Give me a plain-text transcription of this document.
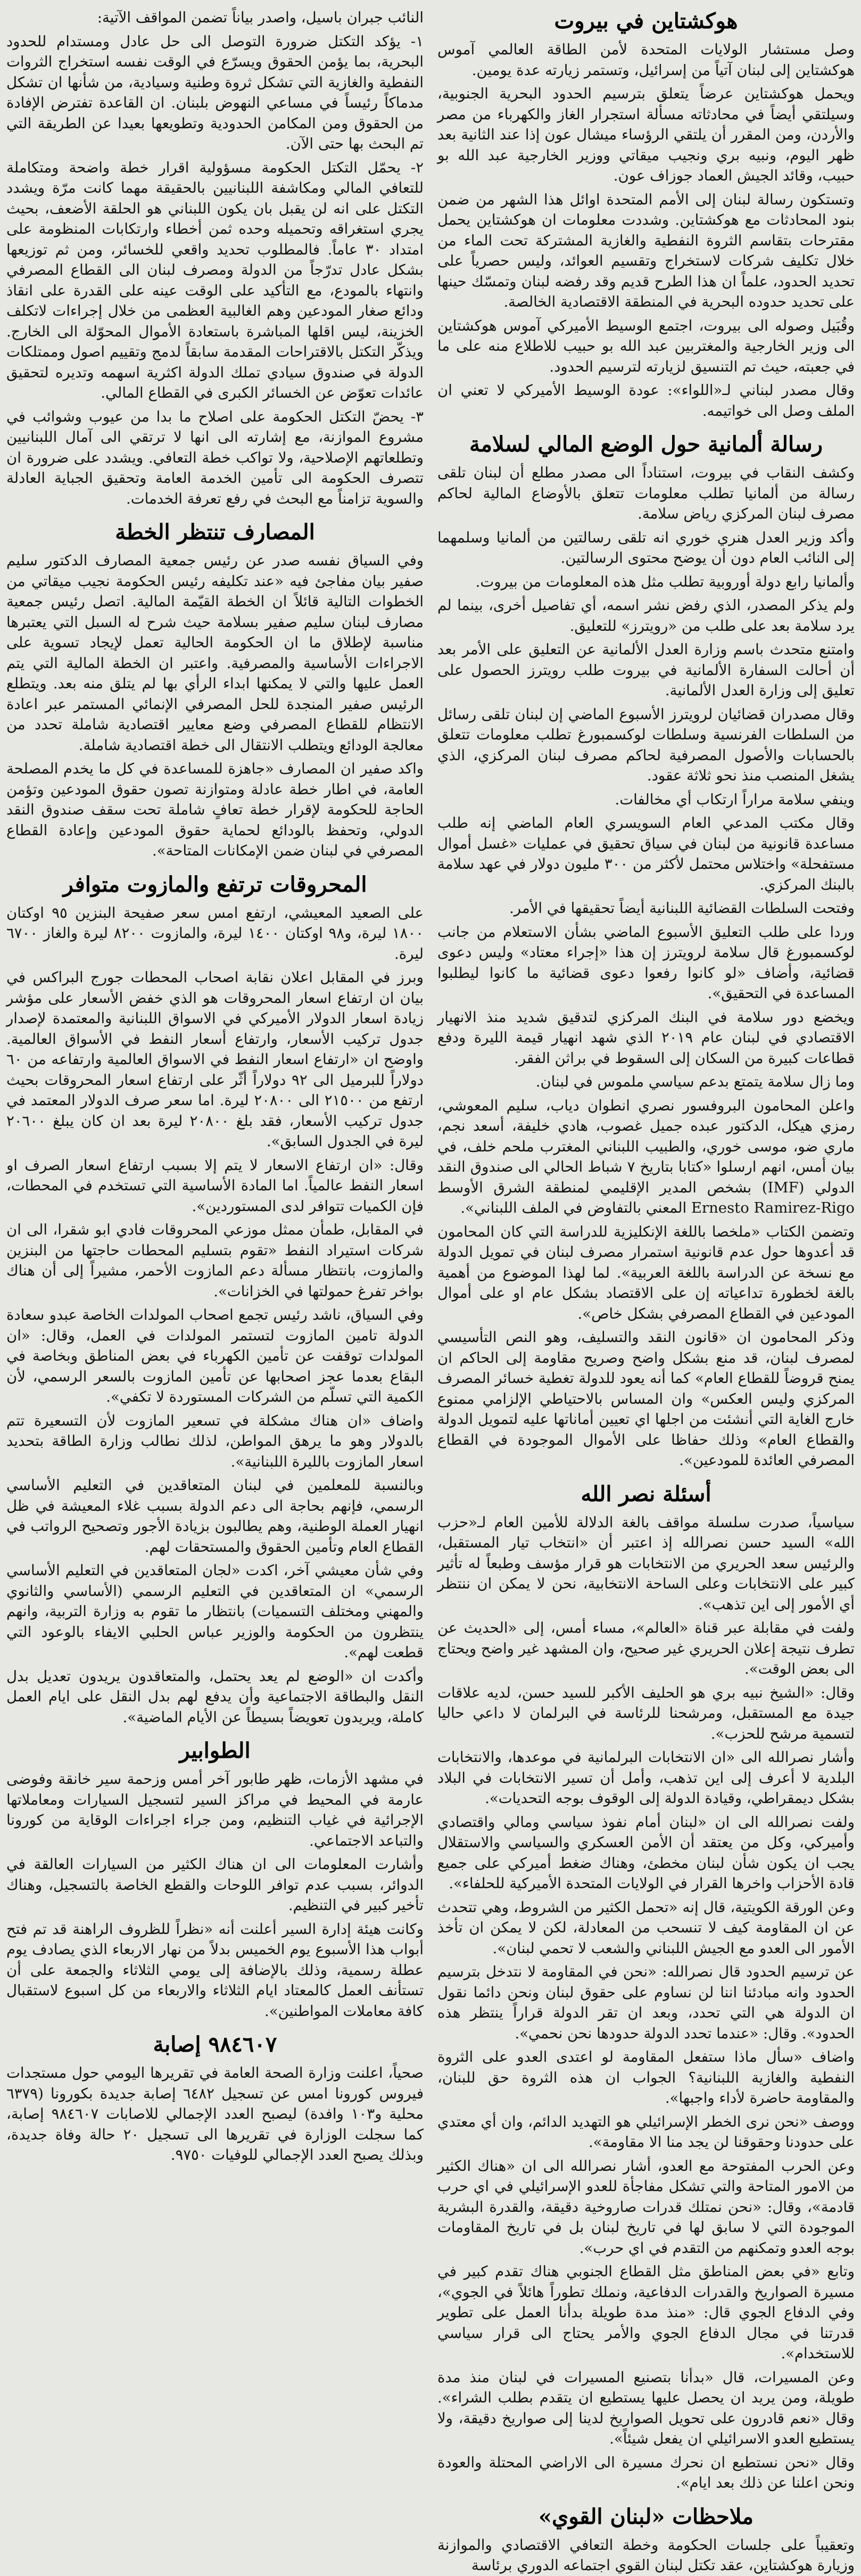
هوكشتاين في بيروت

وصل مستشار الولايات المتحدة لأمن الطاقة العالمي آموس هوكشتاين إلى لبنان آتياً من إسرائيل، وتستمر زيارته عدة يومين.

ويحمل هوكشتاين عرضاً يتعلق بترسيم الحدود البحرية الجنوبية، وسيلتقي أيضاً في محادثاته مسألة استجرار الغاز والكهرباء من مصر والأردن، ومن المقرر أن يلتقي الرؤساء ميشال عون إذا عند الثانية بعد ظهر اليوم، ونبيه بري ونجيب ميقاتي ووزير الخارجية عبد الله بو حبيب، وقائد الجيش العماد جوزاف عون.

وتستكون رسالة لبنان إلى الأمم المتحدة اوائل هذا الشهر من ضمن بنود المحادثات مع هوكشتاين. وشددت معلومات ان هوكشتاين يحمل مقترحات بتقاسم الثروة النفطية والغازية المشتركة تحت الماء من خلال تكليف شركات لاستخراج وتقسيم العوائد، وليس حصرياً على تحديد الحدود، علماً ان هذا الطرح قديم وقد رفضه لبنان وتمسّك حينها على تحديد حدوده البحرية في المنطقة الاقتصادية الخالصة.

وقُبَيل وصوله الى بيروت، اجتمع الوسيط الأميركي آموس هوكشتاين الى وزير الخارجية والمغتربين عبد الله بو حبيب للاطلاع منه على ما في جعبته، حيث تم التنسيق لزيارته لترسيم الحدود.

وقال مصدر لبناني لـ«اللواء»: عودة الوسيط الأميركي لا تعني ان الملف وصل الى خواتيمه.

رسالة ألمانية حول الوضع المالي لسلامة

وكشف النقاب في بيروت، استناداً الى مصدر مطلع أن لبنان تلقى رسالة من ألمانيا تطلب معلومات تتعلق بالأوضاع المالية لحاكم مصرف لبنان المركزي رياض سلامة.

وأكد وزير العدل هنري خوري انه تلقى رسالتين من ألمانيا وسلمهما إلى النائب العام دون أن يوضح محتوى الرسالتين.

وألمانيا رابع دولة أوروبية تطلب مثل هذه المعلومات من بيروت.

ولم يذكر المصدر، الذي رفض نشر اسمه، أي تفاصيل أخرى، بينما لم يرد سلامة بعد على طلب من «رويترز» للتعليق.

وامتنع متحدث باسم وزارة العدل الألمانية عن التعليق على الأمر بعد أن أحالت السفارة الألمانية في بيروت طلب رويترز الحصول على تعليق إلى وزارة العدل الألمانية.

وقال مصدران قضائيان لرويترز الأسبوع الماضي إن لبنان تلقى رسائل من السلطات الفرنسية وسلطات لوكسمبورغ تطلب معلومات تتعلق بالحسابات والأصول المصرفية لحاكم مصرف لبنان المركزي، الذي يشغل المنصب منذ نحو ثلاثة عقود.

وينفي سلامة مراراً ارتكاب أي مخالفات.

وقال مكتب المدعي العام السويسري العام الماضي إنه طلب مساعدة قانونية من لبنان في سياق تحقيق في عمليات «غسل أموال مستفحلة» واختلاس محتمل لأكثر من ٣٠٠ مليون دولار في عهد سلامة بالبنك المركزي.

وفتحت السلطات القضائية اللبنانية أيضاً تحقيقها في الأمر.

وردا على طلب التعليق الأسبوع الماضي بشأن الاستعلام من جانب لوكسمبورغ قال سلامة لرويترز إن هذا «إجراء معتاد» وليس دعوى قضائية، وأضاف «لو كانوا رفعوا دعوى قضائية ما كانوا ليطلبوا المساعدة في التحقيق».

ويخضع دور سلامة في البنك المركزي لتدقيق شديد منذ الانهيار الاقتصادي في لبنان عام ٢٠١٩ الذي شهد انهيار قيمة الليرة ودفع قطاعات كبيرة من السكان إلى السقوط في براثن الفقر.

وما زال سلامة يتمتع بدعم سياسي ملموس في لبنان.

واعلن المحامون البروفسور نصري انطوان دياب، سليم المعوشي، رمزي هيكل، الدكتور عبده جميل غصوب، هادي خليفة، أسعد نجم، ماري ضو، موسى خوري، والطبيب اللبناني المغترب ملحم خلف، في بيان أمس، انهم ارسلوا «كتابا بتاريخ ٧ شباط الحالي الى صندوق النقد الدولي (IMF) بشخص المدير الإقليمي لمنطقة الشرق الأوسط Ernesto Ramirez-Rigo المعني بالتفاوض في الملف اللبناني».

وتضمن الكتاب «ملخصا باللغة الإنكليزية للدراسة التي كان المحامون قد أعدوها حول عدم قانونية استمرار مصرف لبنان في تمويل الدولة مع نسخة عن الدراسة باللغة العربية». لما لهذا الموضوع من أهمية بالغة لخطورة تداعياته إن على الاقتصاد بشكل عام او على أموال المودعين في القطاع المصرفي بشكل خاص».

وذكر المحامون ان «قانون النقد والتسليف، وهو النص التأسيسي لمصرف لبنان، قد منع بشكل واضح وصريح مقاومة إلى الحاكم ان يمنح قروضاً للقطاع العام» كما أنه يعود للدولة تغطية خسائر المصرف المركزي وليس العكس» وان المساس بالاحتياطي الإلزامي ممنوع خارج الغاية التي أنشئت من اجلها اي تعيين أماناتها عليه لتمويل الدولة والقطاع العام» وذلك حفاظا على الأموال الموجودة في القطاع المصرفي العائدة للمودعين».

أسئلة نصر الله

سياسياً، صدرت سلسلة مواقف بالغة الدلالة للأمين العام لـ«حزب الله» السيد حسن نصرالله إذ اعتبر أن «انتخاب تيار المستقبل، والرئيس سعد الحريري من الانتخابات هو قرار مؤسف وطبعاً له تأثير كبير على الانتخابات وعلى الساحة الانتخابية، نحن لا يمكن ان ننتظر أي الأمور إلى اين تذهب».

ولفت في مقابلة عبر قناة «العالم»، مساء أمس، إلى «الحديث عن تطرف نتيجة إعلان الحريري غير صحيح، وان المشهد غير واضح ويحتاج الى بعض الوقت».

وقال: «الشيخ نبيه بري هو الحليف الأكبر للسيد حسن، لديه علاقات جيدة مع المستقبل، ومرشحنا للرئاسة في البرلمان لا داعي حاليا لتسمية مرشح للحزب».

وأشار نصرالله الى «ان الانتخابات البرلمانية في موعدها، والانتخابات البلدية لا أعرف إلى اين تذهب، وأمل أن تسير الانتخابات في البلاد بشكل ديمقراطي، وقيادة الدولة إلى الوقوف بوجه التحديات».

ولفت نصرالله الى ان «لبنان أمام نفوذ سياسي ومالي واقتصادي وأميركي، وكل من يعتقد أن الأمن العسكري والسياسي والاستقلال يجب ان يكون شأن لبنان مخطئ، وهناك ضغط أميركي على جميع قادة الأحزاب واخرها القرار في الولايات المتحدة الأميركية للحلفاء».

وعن الورقة الكويتية، قال إنه «تحمل الكثير من الشروط، وهي تتحدث عن ان المقاومة كيف لا تنسحب من المعادلة، لكن لا يمكن ان تأخذ الأمور الى العدو مع الجيش اللبناني والشعب لا تحمي لبنان».

عن ترسيم الحدود قال نصرالله: «نحن في المقاومة لا نتدخل بترسيم الحدود وانه مبادئنا اننا لن نساوم على حقوق لبنان ونحن دائما نقول ان الدولة هي التي تحدد، وبعد ان تقر الدولة قراراً ينتظر هذه الحدود». وقال: «عندما تحدد الدولة حدودها نحن نحمي».

واضاف «سأل ماذا ستفعل المقاومة لو اعتدى العدو على الثروة النفطية والغازية اللبنانية؟ الجواب ان هذه الثروة حق للبنان، والمقاومة حاضرة لأداء واجبها».

ووصف «نحن نرى الخطر الإسرائيلي هو التهديد الدائم، وان أي معتدي على حدودنا وحقوقنا لن يجد منا الا مقاومة».

وعن الحرب المفتوحة مع العدو، أشار نصرالله الى ان «هناك الكثير من الامور المتاحة والتي تشكل مفاجأة للعدو الإسرائيلي في اي حرب قادمة»، وقال: «نحن نمتلك قدرات صاروخية دقيقة، والقدرة البشرية الموجودة التي لا سابق لها في تاريخ لبنان بل في تاريخ المقاومات بوجه العدو وتمكنهم من التقدم في اي حرب».

وتابع «في بعض المناطق مثل القطاع الجنوبي هناك تقدم كبير في مسيرة الصواريخ والقدرات الدفاعية، ونملك تطوراً هائلاً في الجوي»، وفي الدفاع الجوي قال: «منذ مدة طويلة بدأنا العمل على تطوير قدرتنا في مجال الدفاع الجوي والأمر يحتاج الى قرار سياسي للاستخدام».

وعن المسيرات، قال «بدأنا بتصنيع المسيرات في لبنان منذ مدة طويلة، ومن يريد ان يحصل عليها يستطيع ان يتقدم بطلب الشراء». وقال «نعم قادرون على تحويل الصواريخ لدينا إلى صواريخ دقيقة، ولا يستطيع العدو الاسرائيلي ان يفعل شيئاً».

وقال «نحن نستطيع ان نحرك مسيرة الى الاراضي المحتلة والعودة ونحن اعلنا عن ذلك بعد ايام».

ملاحظات «لبنان القوي»

وتعقيباً على جلسات الحكومة وخطة التعافي الاقتصادي والموازنة وزيارة هوكشتاين، عقد تكتل لبنان القوي اجتماعه الدوري برئاسة

النائب جبران باسيل، واصدر بياناً تضمن المواقف الآتية:

١- يؤكد التكتل ضرورة التوصل الى حل عادل ومستدام للحدود البحرية، بما يؤمن الحقوق ويسرّع في الوقت نفسه استخراج الثروات النفطية والغازية التي تشكل ثروة وطنية وسيادية، من شأنها ان تشكل مدماكاً رئيساً في مساعي النهوض بلبنان. ان القاعدة تفترض الإفادة من الحقوق ومن المكامن الحدودية وتطويعها بعيدا عن الطريقة التي تم البحث بها حتى الآن.

٢- يحمّل التكتل الحكومة مسؤولية اقرار خطة واضحة ومتكاملة للتعافي المالي ومكاشفة اللبنانيين بالحقيقة مهما كانت مرّة ويشدد التكتل على انه لن يقبل بان يكون اللبناني هو الحلقة الأضعف، بحيث يجري استغراقه وتحميله وحده ثمن أخطاء وارتكابات المنظومة على امتداد ٣٠ عاماً. فالمطلوب تحديد واقعي للخسائر، ومن ثم توزيعها بشكل عادل تدرّجاً من الدولة ومصرف لبنان الى القطاع المصرفي وانتهاء بالمودع، مع التأكيد على الوقت عينه على القدرة على انقاذ ودائع صغار المودعين وهم الغالبية العظمى من خلال إجراءات لاتكلف الخزينة، ليس اقلها المباشرة باستعادة الأموال المحوّلة الى الخارج. ويذكّر التكتل بالاقتراحات المقدمة سابقاً لدمج وتقييم اصول وممتلكات الدولة في صندوق سيادي تملك الدولة اكثرية اسهمه وتديره لتحقيق عائدات تعوّض عن الخسائر الكبرى في القطاع المالي.

٣- يحضّ التكتل الحكومة على اصلاح ما بدا من عيوب وشوائب في مشروع الموازنة، مع إشارته الى انها لا ترتقي الى آمال اللبنانيين وتطلعاتهم الإصلاحية، ولا تواكب خطة التعافي. ويشدد على ضرورة ان تتصرف الحكومة الى تأمين الخدمة العامة وتحقيق الجباية العادلة والسوية تزامناً مع البحث في رفع تعرفة الخدمات.

المصارف تنتظر الخطة

وفي السياق نفسه صدر عن رئيس جمعية المصارف الدكتور سليم صفير بيان مفاجئ فيه «عند تكليفه رئيس الحكومة نجيب ميقاتي من الخطوات التالية قائلاً ان الخطة القيّمة المالية. اتصل رئيس جمعية مصارف لبنان سليم صفير بسلامة حيث شرح له السبل التي يعتبرها مناسبة لإطلاق ما ان الحكومة الحالية تعمل لإيجاد تسوية على الاجراءات الأساسية والمصرفية. واعتبر ان الخطة المالية التي يتم العمل عليها والتي لا يمكنها ابداء الرأي بها لم يتلق منه بعد. ويتطلع الرئيس صفير المنجدة للحل المصرفي الإنمائي المستمر عبر اعادة الانتظام للقطاع المصرفي وضع معايير اقتصادية شاملة تحدد من معالجة الودائع ويتطلب الانتقال الى خطة اقتصادية شاملة.

واكد صفير ان المصارف «جاهزة للمساعدة في كل ما يخدم المصلحة العامة، في اطار خطة عادلة ومتوازنة تصون حقوق المودعين وتؤمن الحاجة للحكومة لإقرار خطة تعافٍ شاملة تحت سقف صندوق النقد الدولي، وتحفظ بالودائع لحماية حقوق المودعين وإعادة القطاع المصرفي في لبنان ضمن الإمكانات المتاحة».

المحروقات ترتفع والمازوت متوافر

على الصعيد المعيشي، ارتفع امس سعر صفيحة البنزين ٩٥ اوكتان ١٨٠٠ ليرة، و٩٨ اوكتان ١٤٠٠ ليرة، والمازوت ٨٢٠٠ ليرة والغاز ٦٧٠٠ ليرة.

وبرز في المقابل اعلان نقابة اصحاب المحطات جورج البراكس في بيان ان ارتفاع اسعار المحروقات هو الذي خفض الأسعار على مؤشر زيادة اسعار الدولار الأميركي في الاسواق اللبنانية والمعتمدة لإصدار جدول تركيب الأسعار، وارتفاع أسعار النفط في الأسواق العالمية. واوضح ان «ارتفاع اسعار النفط في الاسواق العالمية وارتفاعه من ٦٠ دولاراً للبرميل الى ٩٢ دولاراً أثّر على ارتفاع اسعار المحروقات بحيث ارتفع من ٢١٥٠٠ الى ٢٠٨٠٠ ليرة. اما سعر صرف الدولار المعتمد في جدول تركيب الأسعار، فقد بلغ ٢٠٨٠٠ ليرة بعد ان كان يبلغ ٢٠٦٠٠ ليرة في الجدول السابق».

وقال: «ان ارتفاع الاسعار لا يتم إلا بسبب ارتفاع اسعار الصرف او اسعار النفط عالمياً. اما المادة الأساسية التي تستخدم في المحطات، فإن الكميات تتوافر لدى المستوردين».

في المقابل، طمأن ممثل موزعي المحروقات فادي ابو شقرا، الى ان شركات استيراد النفط «تقوم بتسليم المحطات حاجتها من البنزين والمازوت، بانتظار مسألة دعم المازوت الأحمر، مشيراً إلى أن هناك بواخر تفرغ حمولتها في الخزانات».

وفي السياق، ناشد رئيس تجمع اصحاب المولدات الخاصة عبدو سعادة الدولة تامين المازوت لتستمر المولدات في العمل، وقال: «ان المولدات توقفت عن تأمين الكهرباء في بعض المناطق وبخاصة في البقاع بعدما عجز اصحابها عن تأمين المازوت بالسعر الرسمي، لأن الكمية التي تسلّم من الشركات المستوردة لا تكفي».

واضاف «ان هناك مشكلة في تسعير المازوت لأن التسعيرة تتم بالدولار وهو ما يرهق المواطن، لذلك نطالب وزارة الطاقة بتحديد اسعار المازوت بالليرة اللبنانية».

وبالنسبة للمعلمين في لبنان المتعاقدين في التعليم الأساسي الرسمي، فإنهم بحاجة الى دعم الدولة بسبب غلاء المعيشة في ظل انهيار العملة الوطنية، وهم يطالبون بزيادة الأجور وتصحيح الرواتب في القطاع العام وتأمين الحقوق والمستحقات لهم.

وفي شأن معيشي آخر، اكدت «لجان المتعاقدين في التعليم الأساسي الرسمي» ان المتعاقدين في التعليم الرسمي (الأساسي والثانوي والمهني ومختلف التسميات) بانتظار ما تقوم به وزارة التربية، وانهم ينتظرون من الحكومة والوزير عباس الحلبي الايفاء بالوعود التي قطعت لهم».

وأكدت ان «الوضع لم يعد يحتمل، والمتعاقدون يريدون تعديل بدل النقل والبطاقة الاجتماعية وأن يدفع لهم بدل النقل على ايام العمل كاملة، ويريدون تعويضاً بسيطاً عن الأيام الماضية».

الطوابير

في مشهد الأزمات، ظهر طابور آخر أمس وزحمة سير خانقة وفوضى عارمة في المحيط في مراكز السير لتسجيل السيارات ومعاملاتها الإجرائية في غياب التنظيم، ومن جراء اجراءات الوقاية من كورونا والتباعد الاجتماعي.

وأشارت المعلومات الى ان هناك الكثير من السيارات العالقة في الدوائر، بسبب عدم توافر اللوحات والقطع الخاصة بالتسجيل، وهناك تأخير كبير في التنظيم.

وكانت هيئة إدارة السير أعلنت أنه «نظراً للظروف الراهنة قد تم فتح أبواب هذا الأسبوع يوم الخميس بدلاً من نهار الاربعاء الذي يصادف يوم عطلة رسمية، وذلك بالإضافة إلى يومي الثلاثاء والجمعة على أن تستأنف العمل كالمعتاد ايام الثلاثاء والاربعاء من كل اسبوع لاستقبال كافة معاملات المواطنين».

٩٨٤٦٠٧ إصابة

صحياً، اعلنت وزارة الصحة العامة في تقريرها اليومي حول مستجدات فيروس كورونا امس عن تسجيل ٦٤٨٢ إصابة جديدة بكورونا (٦٣٧٩ محلية و١٠٣ وافدة) ليصبح العدد الإجمالي للاصابات ٩٨٤٦٠٧ إصابة، كما سجلت الوزارة في تقريرها الى تسجيل ٢٠ حالة وفاة جديدة، وبذلك يصبح العدد الإجمالي للوفيات ٩٧٥٠.
